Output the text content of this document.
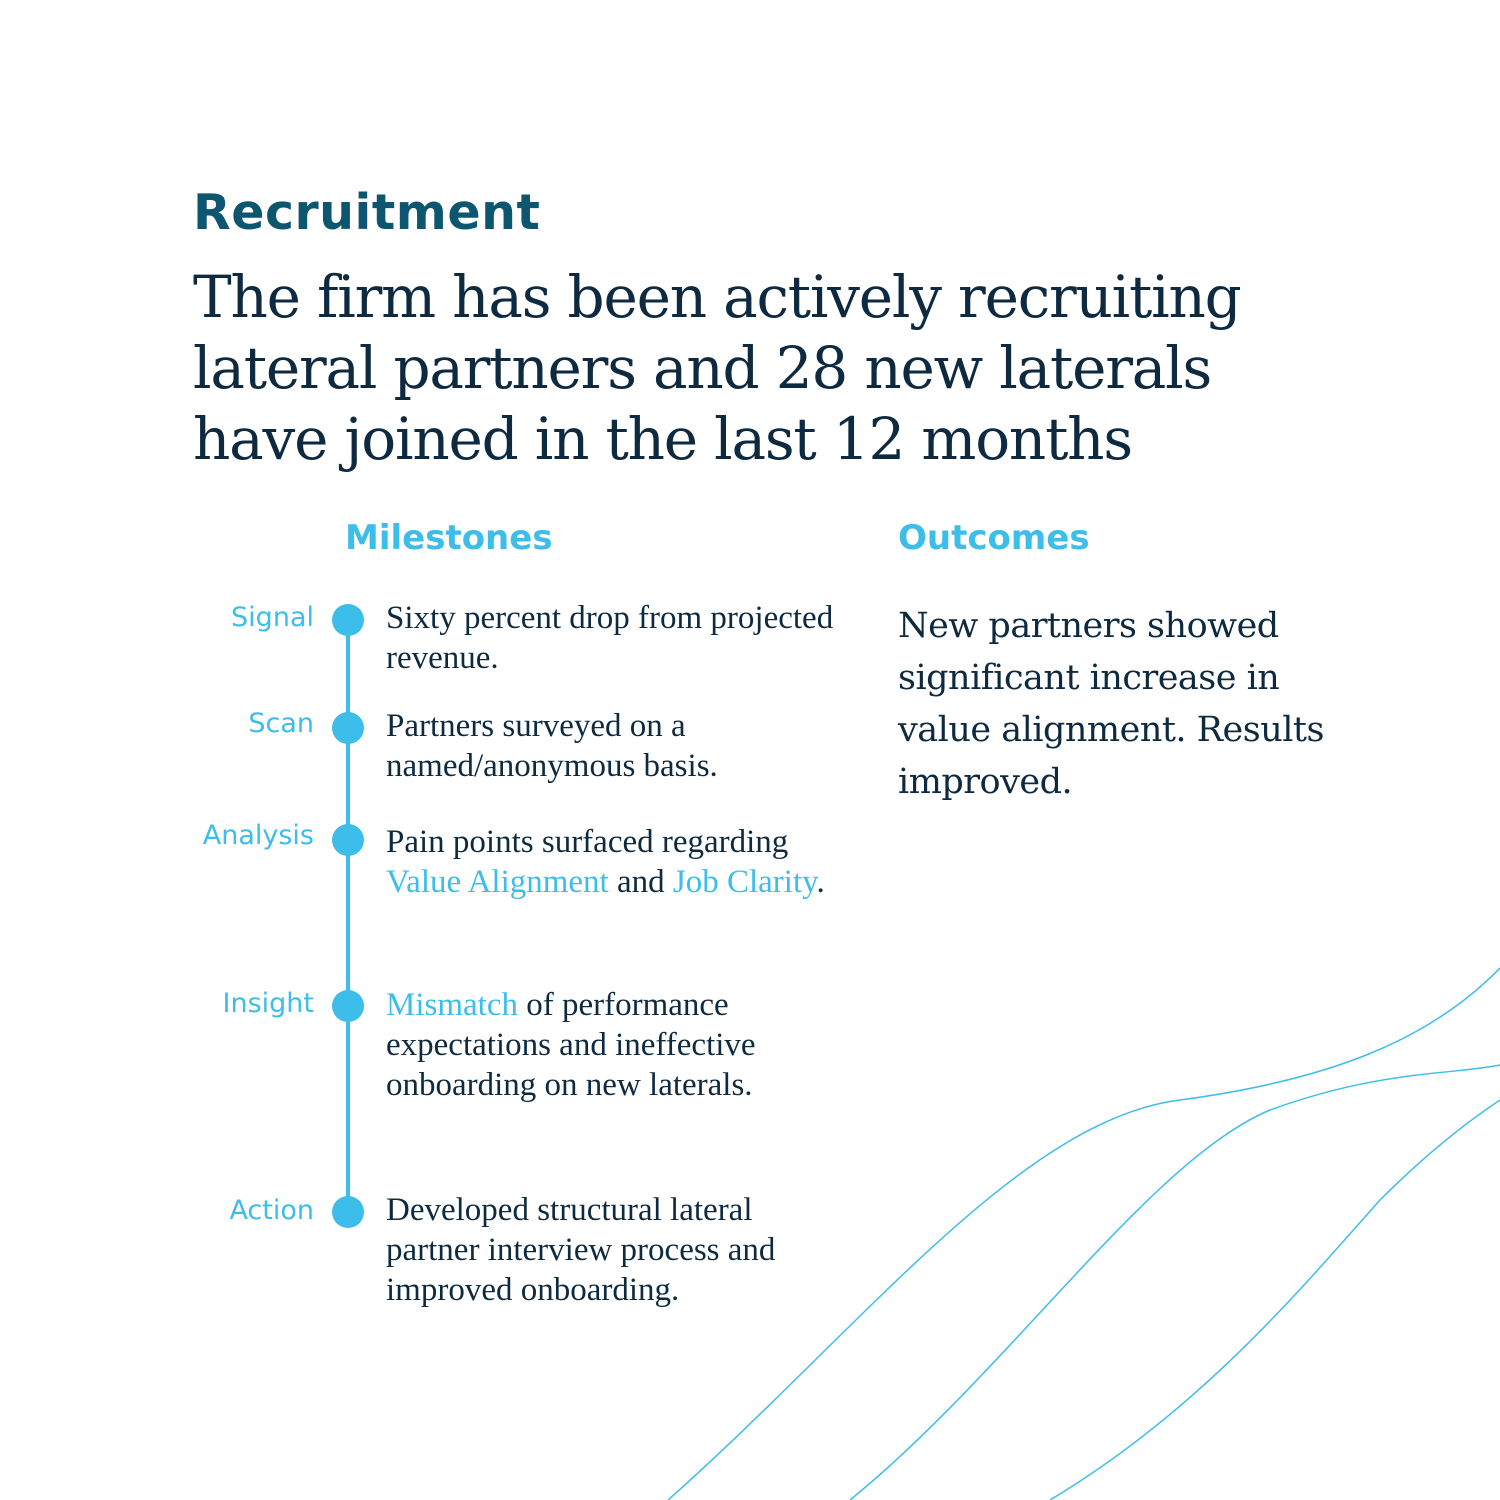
Recruitment
The firm has been actively recruiting lateral partners and 28 new laterals have joined in the last 12 months
Milestones	Outcomes
Signal
Scan
Analysis
Insight
Action
Sixty percent drop from projected revenue.
Partners surveyed on a named/anonymous basis.
Pain points surfaced regarding Value Alignment and Job Clarity.
Mismatch of performance expectations and ineffective onboarding on new laterals.
Developed structural lateral partner interview process and improved onboarding.
New partners showed significant increase in value alignment. Results improved.
